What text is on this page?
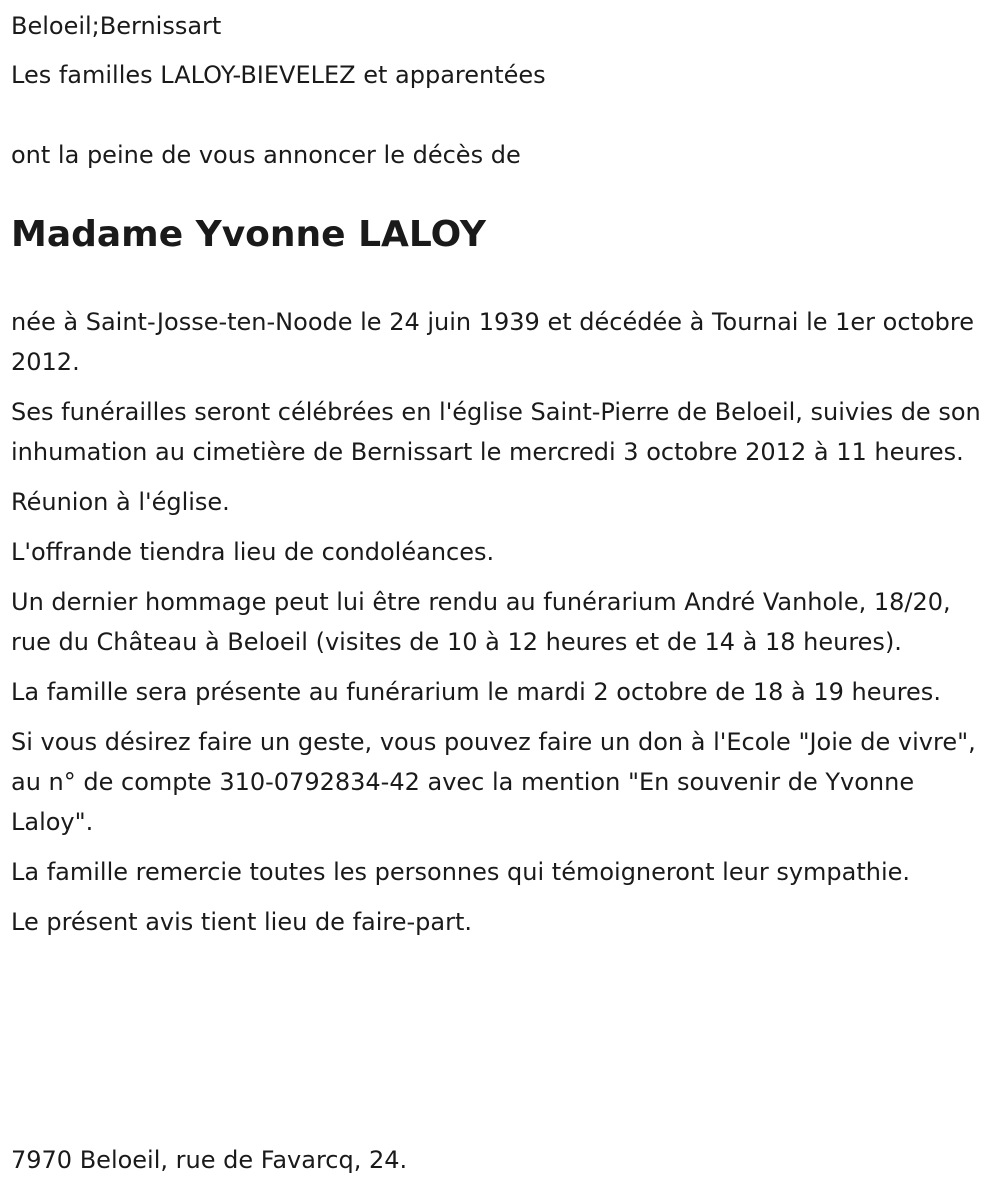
Beloeil;Bernissart

Les familles LALOY-BIEVELEZ et apparentées

ont la peine de vous annoncer le décès de

Madame Yvonne LALOY

née à Saint-Josse-ten-Noode le 24 juin 1939 et décédée à Tournai le 1er octobre 2012.

Ses funérailles seront célébrées en l'église Saint-Pierre de Beloeil, suivies de son inhumation au cimetière de Bernissart le mercredi 3 octobre 2012 à 11 heures.

Réunion à l'église.

L'offrande tiendra lieu de condoléances.

Un dernier hommage peut lui être rendu au funérarium André Vanhole, 18/20, rue du Château à Beloeil (visites de 10 à 12 heures et de 14 à 18 heures).

La famille sera présente au funérarium le mardi 2 octobre de 18 à 19 heures.

Si vous désirez faire un geste, vous pouvez faire un don à l'Ecole "Joie de vivre", au n° de compte 310-0792834-42 avec la mention "En souvenir de Yvonne Laloy".

La famille remercie toutes les personnes qui témoigneront leur sympathie.

Le présent avis tient lieu de faire-part.

7970 Beloeil, rue de Favarcq, 24.
